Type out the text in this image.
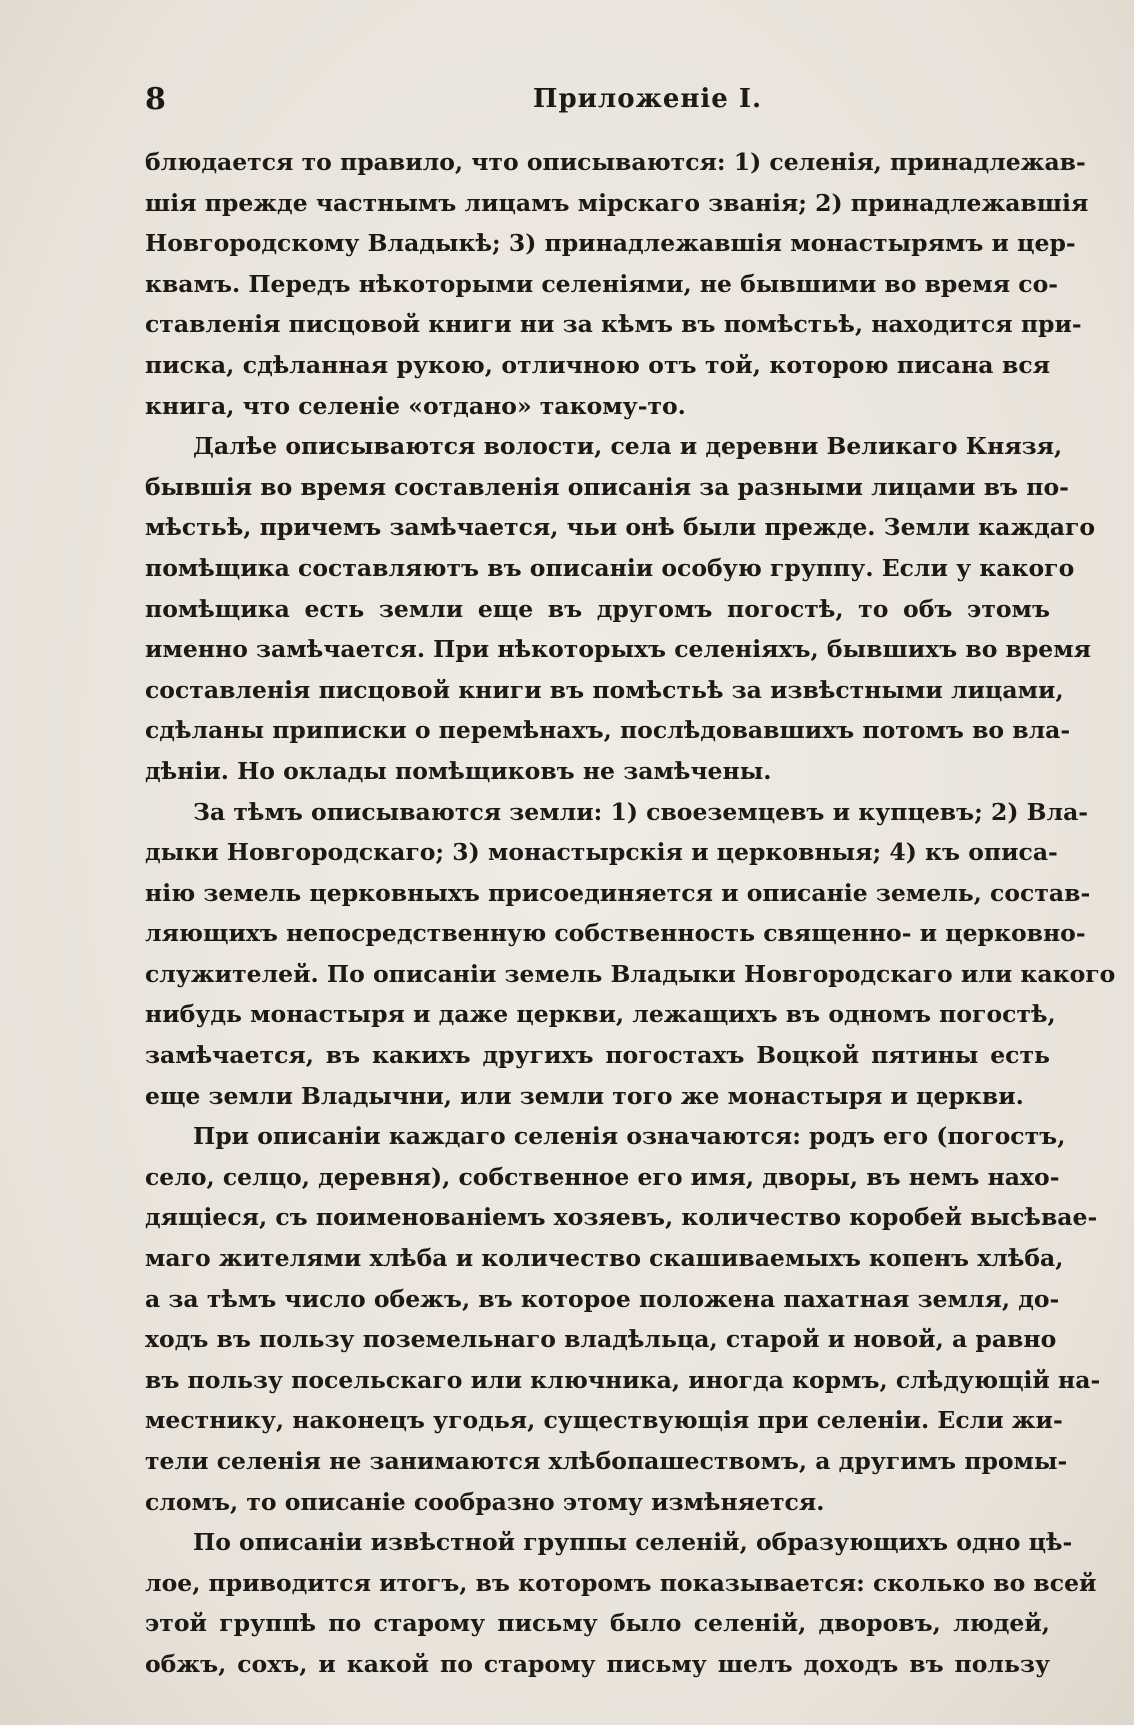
8	Приложеніе I.
блюдается то правило, что описываются: 1) селенія, принадлежав-
шія прежде частнымъ лицамъ мірскаго званія; 2) принадлежавшія
Новгородскому Владыкѣ; 3) принадлежавшія монастырямъ и цер-
квамъ. Передъ нѣкоторыми селеніями, не бывшими во время со-
ставленія писцовой книги ни за кѣмъ въ помѣстьѣ, находится при-
писка, сдѣланная рукою, отличною отъ той, которою писана вся
книга, что селеніе «отдано» такому-то.
Далѣе описываются волости, села и деревни Великаго Князя,
бывшія во время составленія описанія за разными лицами въ по-
мѣстьѣ, причемъ замѣчается, чьи онѣ были прежде. Земли каждаго
помѣщика составляютъ въ описаніи особую группу. Если у какого
помѣщика есть земли еще въ другомъ погостѣ, то объ этомъ
именно замѣчается. При нѣкоторыхъ селеніяхъ, бывшихъ во время
составленія писцовой книги въ помѣстьѣ за извѣстными лицами,
сдѣланы приписки о перемѣнахъ, послѣдовавшихъ потомъ во вла-
дѣніи. Но оклады помѣщиковъ не замѣчены.
За тѣмъ описываются земли: 1) своеземцевъ и купцевъ; 2) Вла-
дыки Новгородскаго; 3) монастырскія и церковныя; 4) къ описа-
нію земель церковныхъ присоединяется и описаніе земель, состав-
ляющихъ непосредственную собственность священно- и церковно-
служителей. По описаніи земель Владыки Новгородскаго или какого
нибудь монастыря и даже церкви, лежащихъ въ одномъ погостѣ,
замѣчается, въ какихъ другихъ погостахъ Воцкой пятины есть
еще земли Владычни, или земли того же монастыря и церкви.
При описаніи каждаго селенія означаются: родъ его (погостъ,
село, селцо, деревня), собственное его имя, дворы, въ немъ нахо-
дящіеся, съ поименованіемъ хозяевъ, количество коробей высѣвае-
маго жителями хлѣба и количество скашиваемыхъ копенъ хлѣба,
а за тѣмъ число обежъ, въ которое положена пахатная земля, до-
ходъ въ пользу поземельнаго владѣльца, старой и новой, а равно
въ пользу посельскаго или ключника, иногда кормъ, слѣдующій на-
местнику, наконецъ угодья, существующія при селеніи. Если жи-
тели селенія не занимаются хлѣбопашествомъ, а другимъ промы-
сломъ, то описаніе сообразно этому измѣняется.
По описаніи извѣстной группы селеній, образующихъ одно цѣ-
лое, приводится итогъ, въ которомъ показывается: сколько во всей
этой группѣ по старому письму было селеній, дворовъ, людей,
обжъ, сохъ, и какой по старому письму шелъ доходъ въ пользу
